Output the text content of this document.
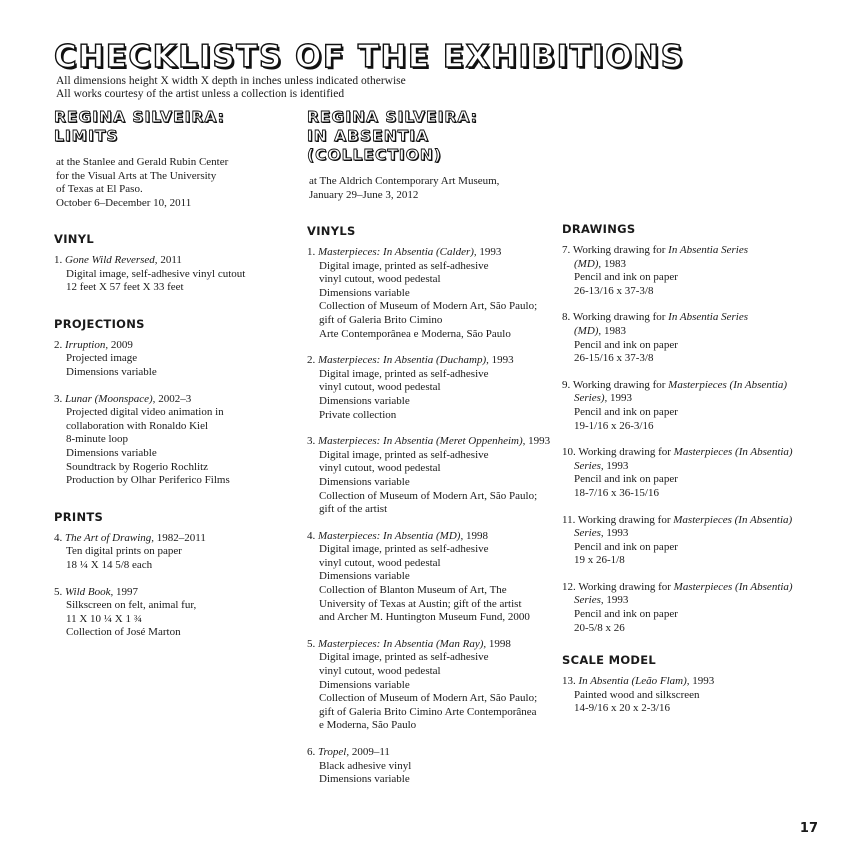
CHECKLISTS OF THE EXHIBITIONS
All dimensions height X width X depth in inches unless indicated otherwise
All works courtesy of the artist unless a collection is identified
REGINA SILVEIRA:
LIMITS
at the Stanlee and Gerald Rubin Center
for the Visual Arts at The University
of Texas at El Paso.
October 6–December 10, 2011
VINYL
1. Gone Wild Reversed, 2011
Digital image, self-adhesive vinyl cutout
12 feet X 57 feet X 33 feet
PROJECTIONS
2. Irruption, 2009
Projected image
Dimensions variable
3. Lunar (Moonspace), 2002–3
Projected digital video animation in
collaboration with Ronaldo Kiel
8-minute loop
Dimensions variable
Soundtrack by Rogerio Rochlitz
Production by Olhar Periferico Films
PRINTS
4. The Art of Drawing, 1982–2011
Ten digital prints on paper
18 ¼ X 14 5/8 each
5. Wild Book, 1997
Silkscreen on felt, animal fur,
11 X 10 ¼ X 1 ¾
Collection of José Marton
REGINA SILVEIRA:
IN ABSENTIA
(COLLECTION)
at The Aldrich Contemporary Art Museum,
January 29–June 3, 2012
VINYLS
1. Masterpieces: In Absentia (Calder), 1993
Digital image, printed as self-adhesive
vinyl cutout, wood pedestal
Dimensions variable
Collection of Museum of Modern Art, São Paulo;
gift of Galeria Brito Cimino
Arte Contemporânea e Moderna, São Paulo
2. Masterpieces: In Absentia (Duchamp), 1993
Digital image, printed as self-adhesive
vinyl cutout, wood pedestal
Dimensions variable
Private collection
3. Masterpieces: In Absentia (Meret Oppenheim), 1993
Digital image, printed as self-adhesive
vinyl cutout, wood pedestal
Dimensions variable
Collection of Museum of Modern Art, São Paulo;
gift of the artist
4. Masterpieces: In Absentia (MD), 1998
Digital image, printed as self-adhesive
vinyl cutout, wood pedestal
Dimensions variable
Collection of Blanton Museum of Art, The
University of Texas at Austin; gift of the artist
and Archer M. Huntington Museum Fund, 2000
5. Masterpieces: In Absentia (Man Ray), 1998
Digital image, printed as self-adhesive
vinyl cutout, wood pedestal
Dimensions variable
Collection of Museum of Modern Art, São Paulo;
gift of Galeria Brito Cimino Arte Contemporânea
e Moderna, São Paulo
6. Tropel, 2009–11
Black adhesive vinyl
Dimensions variable
DRAWINGS
7. Working drawing for In Absentia Series
(MD), 1983
Pencil and ink on paper
26-13/16 x 37-3/8
8. Working drawing for In Absentia Series
(MD), 1983
Pencil and ink on paper
26-15/16 x 37-3/8
9. Working drawing for Masterpieces (In Absentia)
Series), 1993
Pencil and ink on paper
19-1/16 x 26-3/16
10. Working drawing for Masterpieces (In Absentia)
Series, 1993
Pencil and ink on paper
18-7/16 x 36-15/16
11. Working drawing for Masterpieces (In Absentia)
Series, 1993
Pencil and ink on paper
19 x 26-1/8
12. Working drawing for Masterpieces (In Absentia)
Series, 1993
Pencil and ink on paper
20-5/8 x 26
SCALE MODEL
13. In Absentia (Leão Flam), 1993
Painted wood and silkscreen
14-9/16 x 20 x 2-3/16
17
